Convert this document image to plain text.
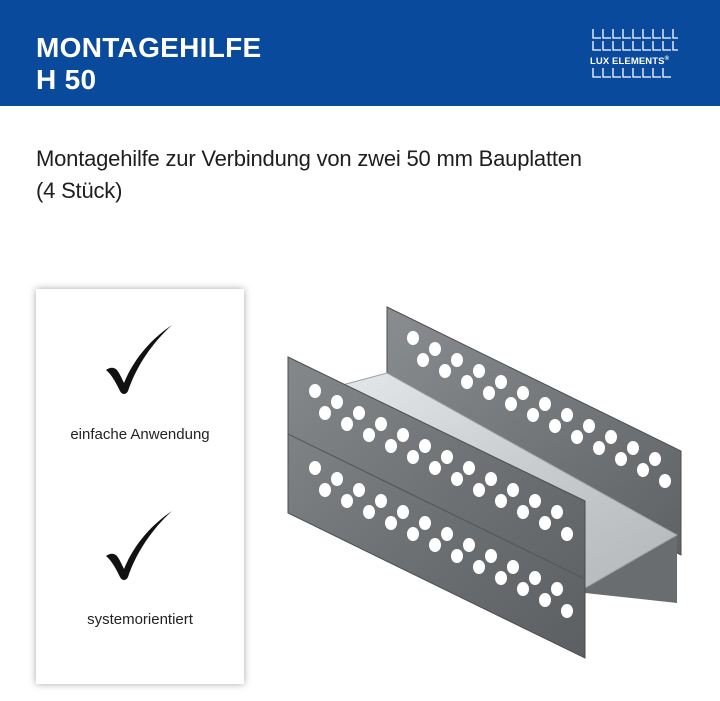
MONTAGEHILFE
H 50
LUX ELEMENTS®
Montagehilfe zur Verbindung von zwei 50 mm Bauplatten
(4 Stück)
einfache Anwendung
systemorientiert
